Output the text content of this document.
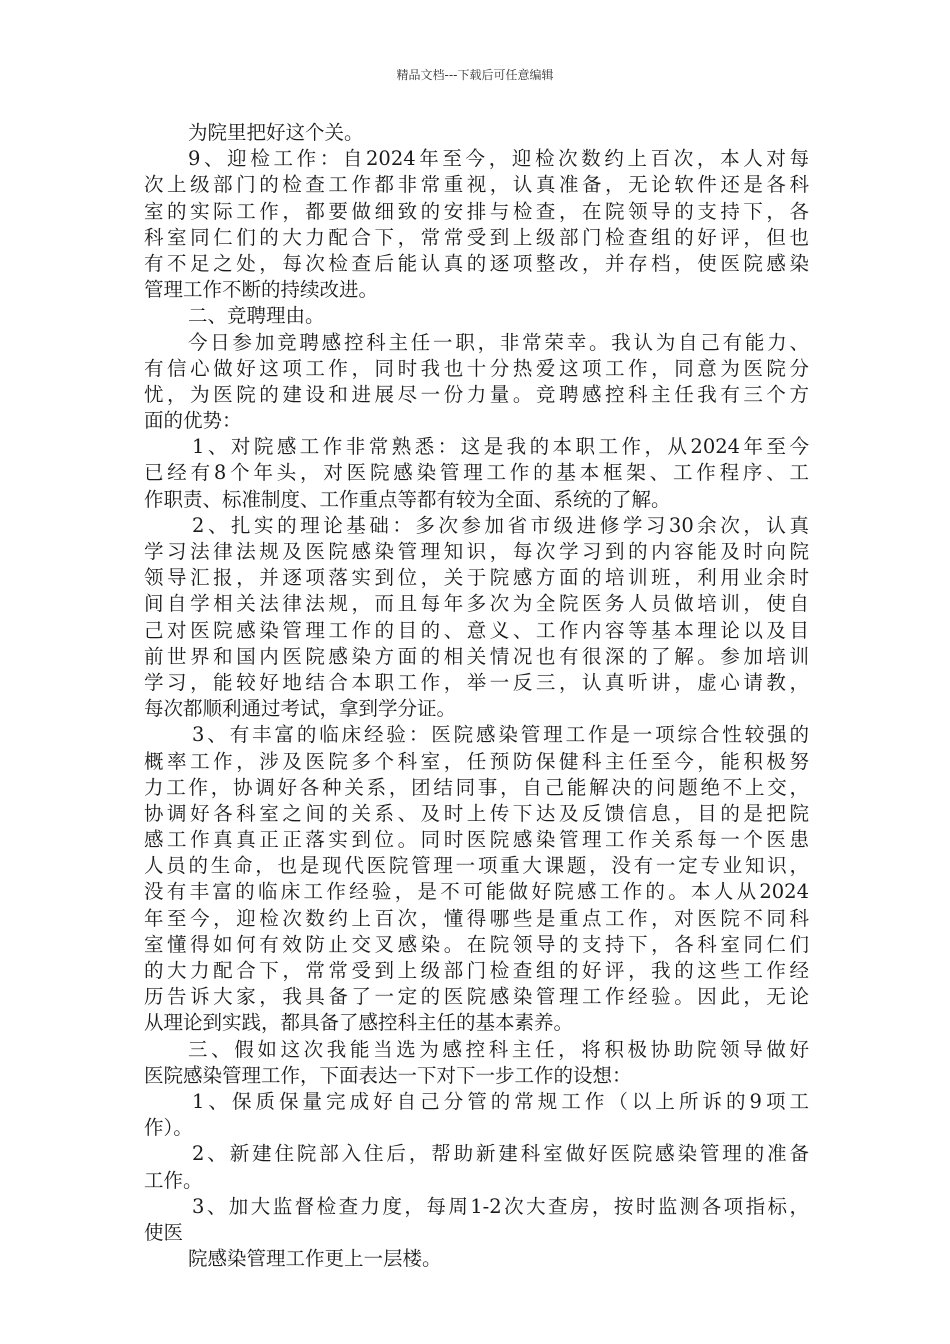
精品文档---下载后可任意编辑
为院里把好这个关。
9、迎检工作：自2024年至今，迎检次数约上百次，本人对每
次上级部门的检查工作都非常重视，认真准备，无论软件还是各科
室的实际工作，都要做细致的安排与检查，在院领导的支持下，各
科室同仁们的大力配合下，常常受到上级部门检查组的好评，但也
有不足之处，每次检查后能认真的逐项整改，并存档，使医院感染
管理工作不断的持续改进。
二、竞聘理由。
今日参加竞聘感控科主任一职，非常荣幸。我认为自己有能力、
有信心做好这项工作，同时我也十分热爱这项工作，同意为医院分
忧，为医院的建设和进展尽一份力量。竞聘感控科主任我有三个方
面的优势：
1、对院感工作非常熟悉：这是我的本职工作，从2024年至今
已经有8个年头，对医院感染管理工作的基本框架、工作程序、工
作职责、标准制度、工作重点等都有较为全面、系统的了解。
2、扎实的理论基础：多次参加省市级进修学习30余次，认真
学习法律法规及医院感染管理知识，每次学习到的内容能及时向院
领导汇报，并逐项落实到位，关于院感方面的培训班，利用业余时
间自学相关法律法规，而且每年多次为全院医务人员做培训，使自
己对医院感染管理工作的目的、意义、工作内容等基本理论以及目
前世界和国内医院感染方面的相关情况也有很深的了解。参加培训
学习，能较好地结合本职工作，举一反三，认真听讲，虚心请教，
每次都顺利通过考试，拿到学分证。
3、有丰富的临床经验：医院感染管理工作是一项综合性较强的
概率工作，涉及医院多个科室，任预防保健科主任至今，能积极努
力工作，协调好各种关系，团结同事，自己能解决的问题绝不上交，
协调好各科室之间的关系、及时上传下达及反馈信息，目的是把院
感工作真真正正落实到位。同时医院感染管理工作关系每一个医患
人员的生命，也是现代医院管理一项重大课题，没有一定专业知识，
没有丰富的临床工作经验，是不可能做好院感工作的。本人从2024
年至今，迎检次数约上百次，懂得哪些是重点工作，对医院不同科
室懂得如何有效防止交叉感染。在院领导的支持下，各科室同仁们
的大力配合下，常常受到上级部门检查组的好评，我的这些工作经
历告诉大家，我具备了一定的医院感染管理工作经验。因此，无论
从理论到实践，都具备了感控科主任的基本素养。
三、假如这次我能当选为感控科主任，将积极协助院领导做好
医院感染管理工作，下面表达一下对下一步工作的设想：
1、保质保量完成好自己分管的常规工作（以上所诉的9项工
作）。
2、新建住院部入住后，帮助新建科室做好医院感染管理的准备
工作。
3、加大监督检查力度，每周1-2次大查房，按时监测各项指标，
使医
院感染管理工作更上一层楼。
